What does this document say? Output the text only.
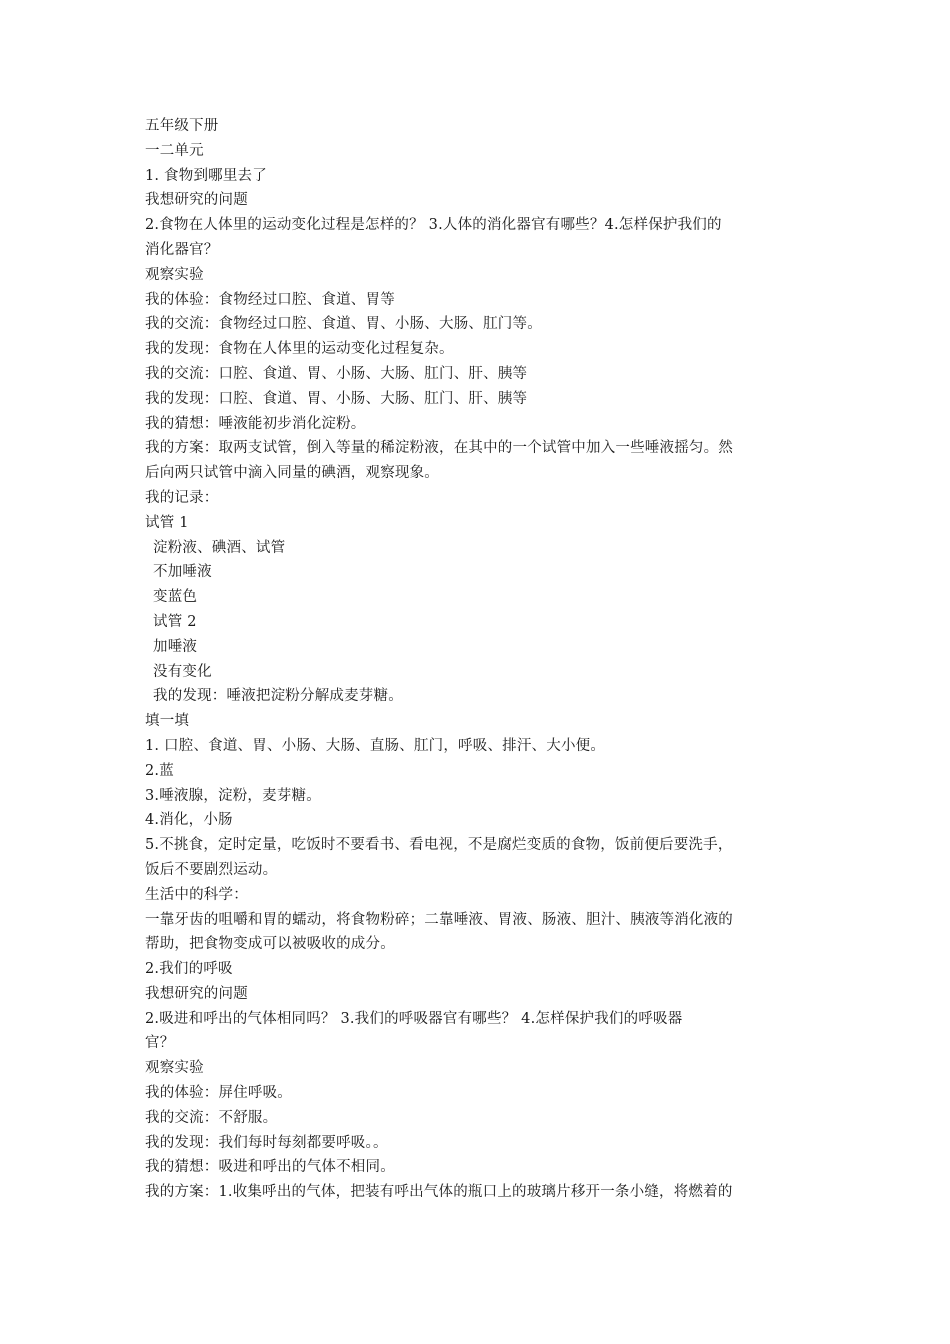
五年级下册
一二单元
1. 食物到哪里去了
我想研究的问题
2.食物在人体里的运动变化过程是怎样的？ 3.人体的消化器官有哪些？4.怎样保护我们的
消化器官？
观察实验
我的体验：食物经过口腔、食道、胃等
我的交流：食物经过口腔、食道、胃、小肠、大肠、肛门等。
我的发现：食物在人体里的运动变化过程复杂。
我的交流：口腔、食道、胃、小肠、大肠、肛门、肝、胰等
我的发现：口腔、食道、胃、小肠、大肠、肛门、肝、胰等
我的猜想：唾液能初步消化淀粉。
我的方案：取两支试管，倒入等量的稀淀粉液，在其中的一个试管中加入一些唾液摇匀。然
后向两只试管中滴入同量的碘酒，观察现象。
我的记录：
试管 1
淀粉液、碘酒、试管
不加唾液
变蓝色
试管 2
加唾液
没有变化
我的发现：唾液把淀粉分解成麦芽糖。
填一填
1. 口腔、食道、胃、小肠、大肠、直肠、肛门，呼吸、排汗、大小便。
2.蓝
3.唾液腺，淀粉，麦芽糖。
4.消化，小肠
5.不挑食，定时定量，吃饭时不要看书、看电视，不是腐烂变质的食物，饭前便后要洗手，
饭后不要剧烈运动。
生活中的科学：
一靠牙齿的咀嚼和胃的蠕动，将食物粉碎；二靠唾液、胃液、肠液、胆汁、胰液等消化液的
帮助，把食物变成可以被吸收的成分。
2.我们的呼吸
我想研究的问题
2.吸进和呼出的气体相同吗？ 3.我们的呼吸器官有哪些？ 4.怎样保护我们的呼吸器
官？
观察实验
我的体验：屏住呼吸。
我的交流：不舒服。
我的发现：我们每时每刻都要呼吸。。
我的猜想：吸进和呼出的气体不相同。
我的方案：1.收集呼出的气体，把装有呼出气体的瓶口上的玻璃片移开一条小缝，将燃着的
